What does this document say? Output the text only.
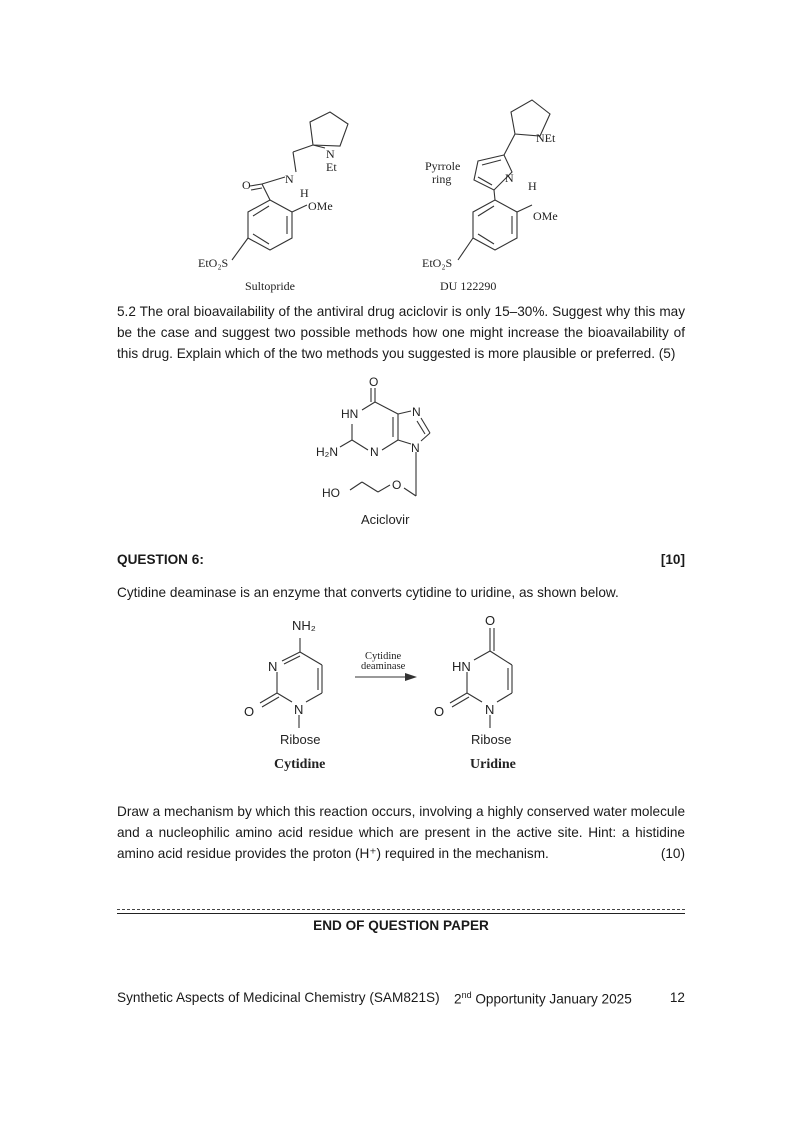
O	N
H
N
Et
OMe
EtO₂S
Sultopride
Pyrrole
ring
NEt
N
H
OMe
EtO₂S
DU 122290
5.2 The oral bioavailability of the antiviral drug aciclovir is only 15–30%. Suggest why this may be the case and suggest two possible methods how one might increase the bioavailability of this drug. Explain which of the two methods you suggested is more plausible or preferred. (5)
O
HN	N
H₂N	N	N
O
HO
Aciclovir
QUESTION 6:	[10]
Cytidine deaminase is an enzyme that converts cytidine to uridine, as shown below.
NH₂
N
O	N
Ribose
O
HN
O	N
Ribose
Cytidine
deaminase
Cytidine	Uridine
Draw a mechanism by which this reaction occurs, involving a highly conserved water molecule and a nucleophilic amino acid residue which are present in the active site. Hint: a histidine amino acid residue provides the proton (H⁺) required in the mechanism.	(10)
END OF QUESTION PAPER
Synthetic Aspects of Medicinal Chemistry (SAM821S) 2nd Opportunity January 2025	12
